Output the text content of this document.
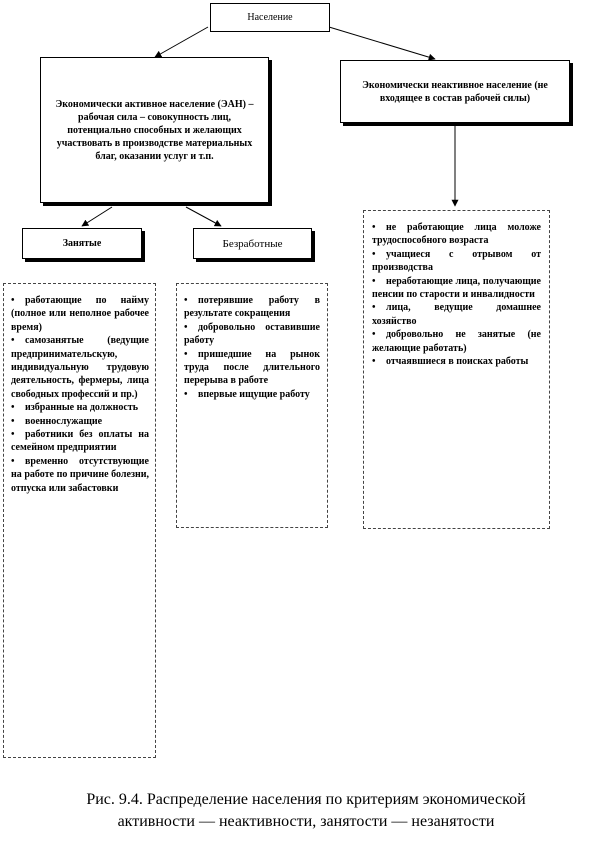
Население
Экономически активное население (ЭАН) – рабочая сила – совокупность лиц, потенциально способных и желающих участвовать в производстве материальных благ, оказании услуг и т.п.
Экономически неактивное население (не входящее в состав рабочей силы)
Занятые	Безработные
• работающие по найму (полное или неполное рабочее время)
• самозанятые (ведущие предпринимательскую, индивидуальную трудовую деятельность, фермеры, лица свободных профессий и пр.)
• избранные на должность
• военнослужащие
• работники без оплаты на семейном предприятии
• временно отсутствующие на работе по причине болезни, отпуска или забастовки
• потерявшие работу в результате сокращения
• добровольно оставившие работу
• пришедшие на рынок труда после длительного перерыва в работе
• впервые ищущие работу
• не работающие лица моложе трудоспособного возраста
• учащиеся с отрывом от производства
• неработающие лица, получающие пенсии по старости и инвалидности
• лица, ведущие домашнее хозяйство
• добровольно не занятые (не желающие работать)
• отчаявшиеся в поисках работы
Рис. 9.4. Распределение населения по критериям экономической
активности — неактивности, занятости — незанятости
